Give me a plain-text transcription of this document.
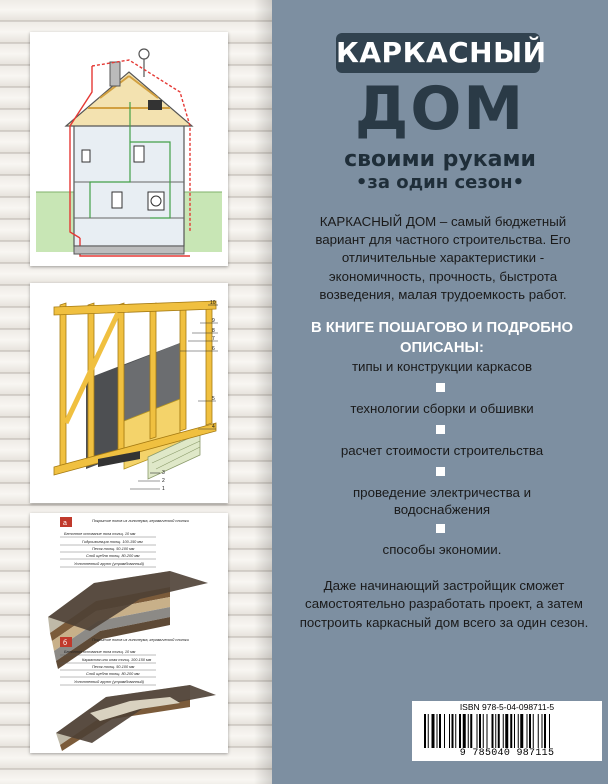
10
9
8
7
6
5
4
3
2
1
а	Покрытие полов из линолеума, керамической плитки
Бетонное основание пола толщ. 10 мм
Гидроизоляция толщ. 100-150 мм
Песок толщ. 50-100 мм
Слой щебня толщ. 80-200 мм
Уплотненный грунт (утрамбованный)
б	Покрытие полов из линолеума, керамической плитки
Бетонное основание пола толщ. 10 мм
Каркасная или иная толщ. 100-150 мм
Песок толщ. 50-100 мм
Слой щебня толщ. 80-200 мм
Уплотненный грунт (утрамбованный)
КАРКАСНЫЙ
ДОМ
своими руками
•за один сезон•
КАРКАСНЫЙ ДОМ – самый бюджетный вариант для частного строительства. Его отличительные характеристики - экономичность, прочность, быстрота возведения, малая трудоемкость работ.
В КНИГЕ ПОШАГОВО И ПОДРОБНО ОПИСАНЫ:
типы и конструкции каркасов
технологии сборки и обшивки
расчет стоимости строительства
проведение электричества и водоснабжения
способы экономии.
Даже начинающий застройщик сможет самостоятельно разработать проект, а затем построить каркасный дом всего за один сезон.
ISBN 978-5-04-098711-5
9 785040 987115
